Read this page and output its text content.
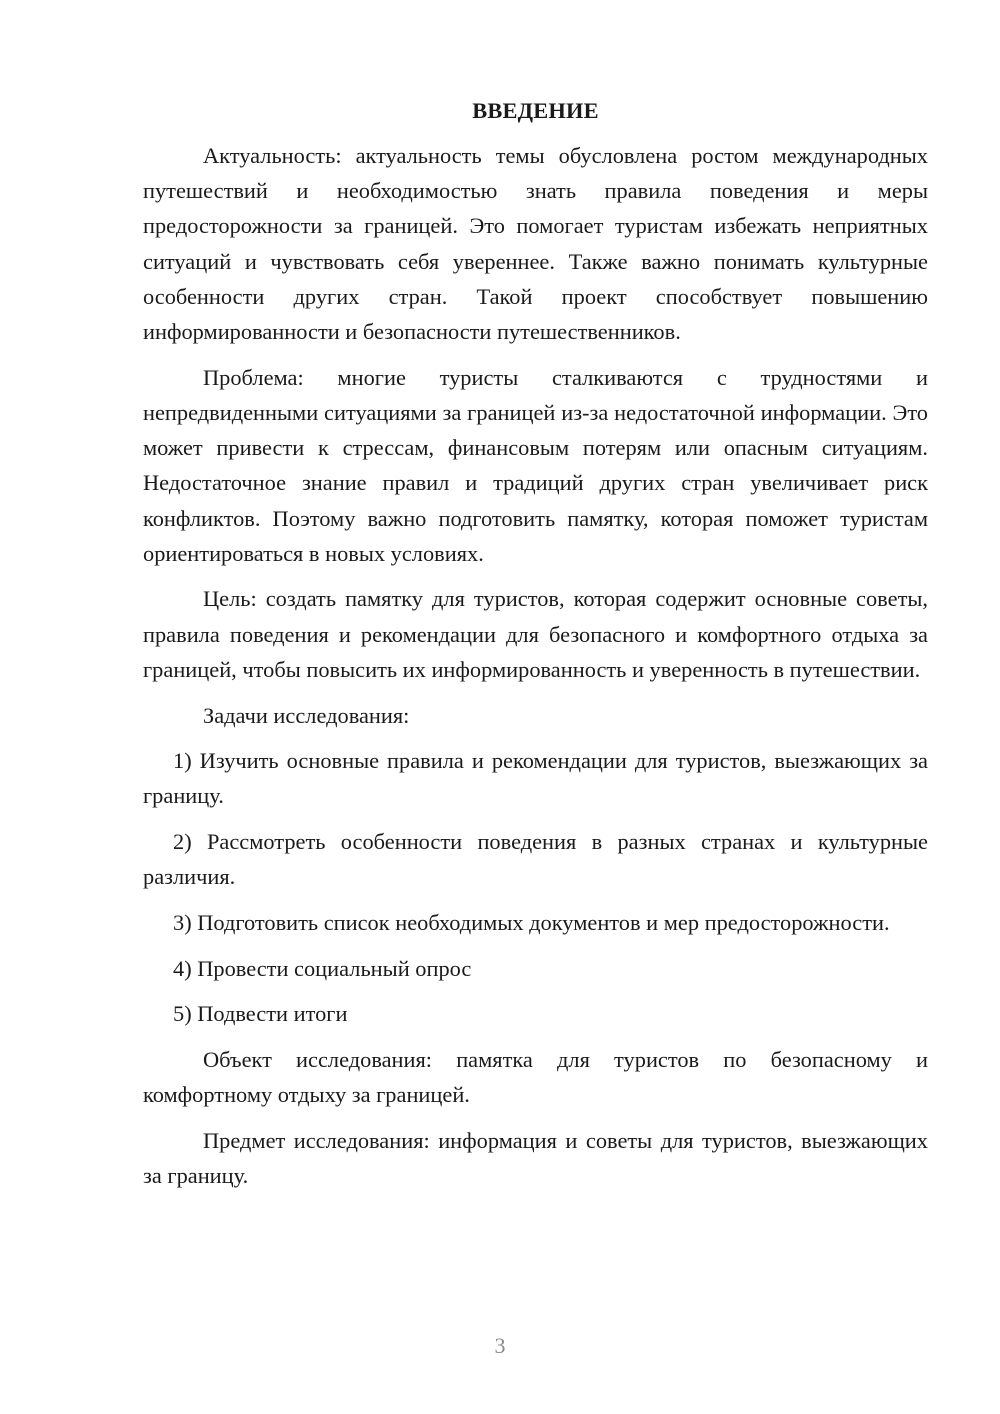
ВВЕДЕНИЕ

Актуальность: актуальность темы обусловлена ростом международных путешествий и необходимостью знать правила поведения и меры предосторожности за границей. Это помогает туристам избежать неприятных ситуаций и чувствовать себя увереннее. Также важно понимать культурные особенности других стран. Такой проект способствует повышению информированности и безопасности путешественников.

Проблема: многие туристы сталкиваются с трудностями и непредвиденными ситуациями за границей из-за недостаточной информации. Это может привести к стрессам, финансовым потерям или опасным ситуациям. Недостаточное знание правил и традиций других стран увеличивает риск конфликтов. Поэтому важно подготовить памятку, которая поможет туристам ориентироваться в новых условиях.

Цель: создать памятку для туристов, которая содержит основные советы, правила поведения и рекомендации для безопасного и комфортного отдыха за границей, чтобы повысить их информированность и уверенность в путешествии.

Задачи исследования:

1) Изучить основные правила и рекомендации для туристов, выезжающих за границу.

2) Рассмотреть особенности поведения в разных странах и культурные различия.

3) Подготовить список необходимых документов и мер предосторожности.

4) Провести социальный опрос

5) Подвести итоги

Объект исследования: памятка для туристов по безопасному и комфортному отдыху за границей.

Предмет исследования: информация и советы для туристов, выезжающих за границу.

3
